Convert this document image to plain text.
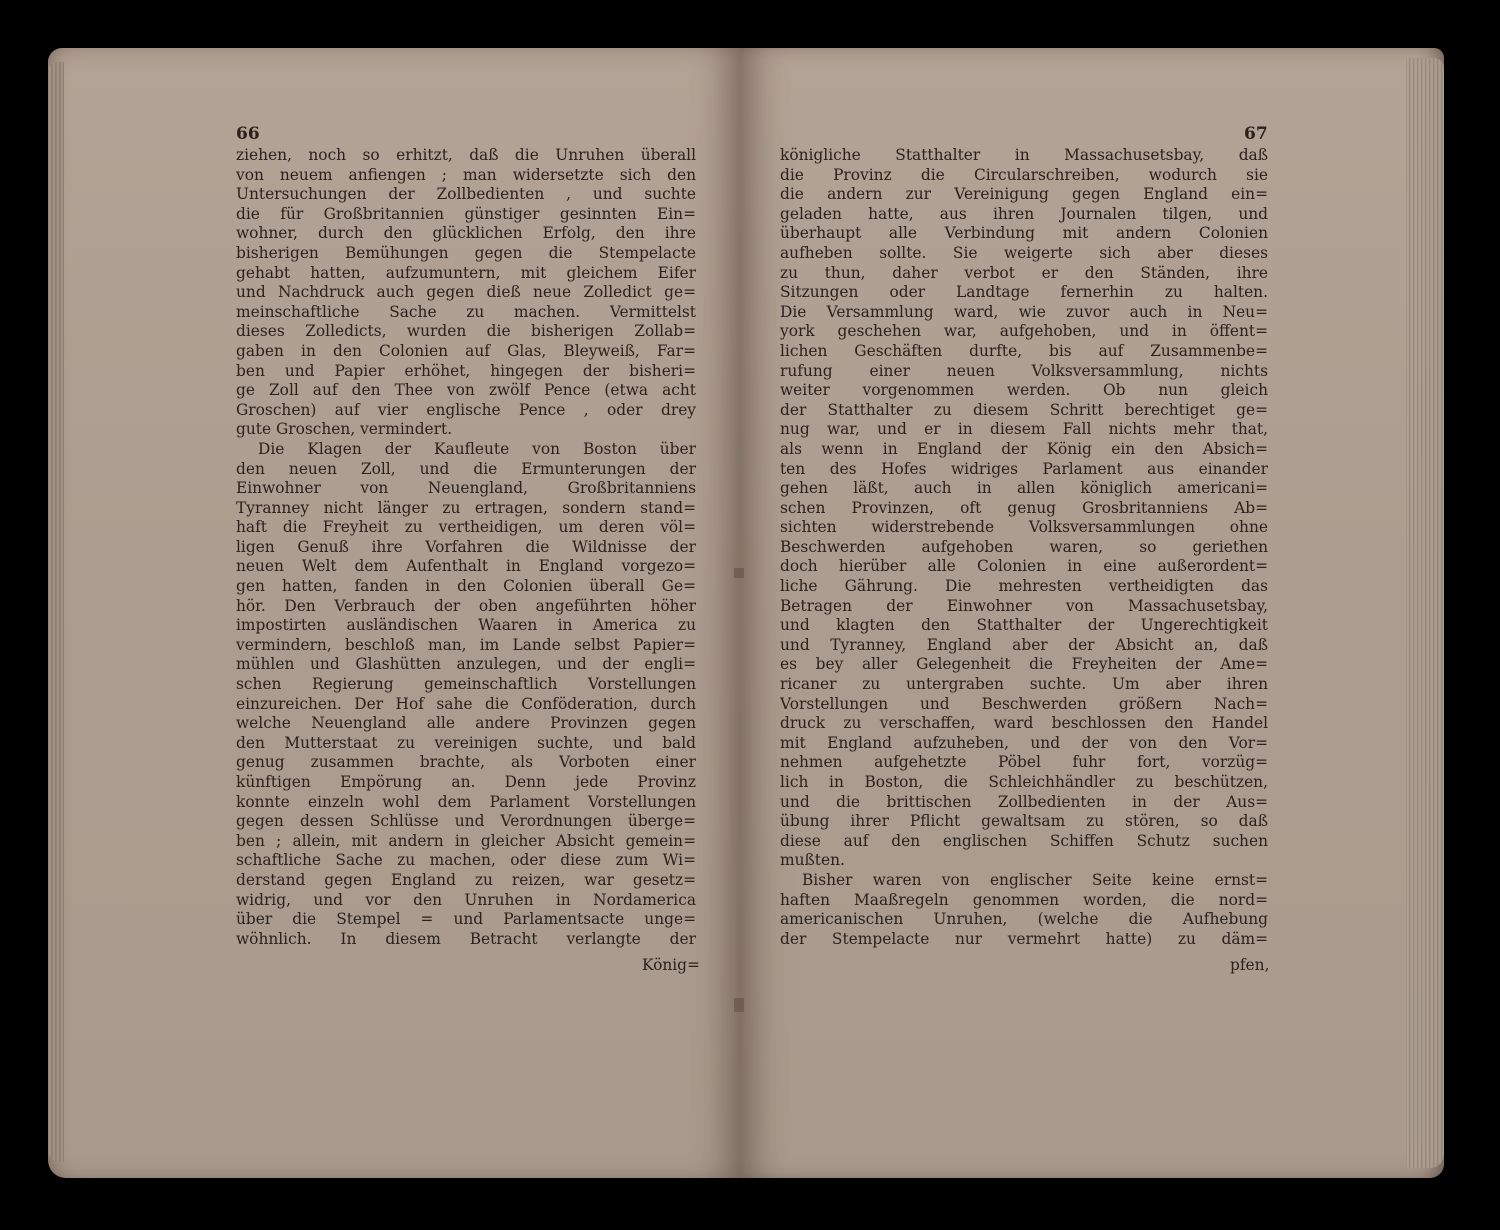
66
ziehen, noch so erhitzt, daß die Unruhen überall
von neuem anfiengen ; man widersetzte sich den
Untersuchungen der Zollbedienten , und suchte
die für Großbritannien günstiger gesinnten Ein=
wohner, durch den glücklichen Erfolg, den ihre
bisherigen Bemühungen gegen die Stempelacte
gehabt hatten, aufzumuntern, mit gleichem Eifer
und Nachdruck auch gegen dieß neue Zolledict ge=
meinschaftliche Sache zu machen. Vermittelst
dieses Zolledicts, wurden die bisherigen Zollab=
gaben in den Colonien auf Glas, Bleyweiß, Far=
ben und Papier erhöhet, hingegen der bisheri=
ge Zoll auf den Thee von zwölf Pence (etwa acht
Groschen) auf vier englische Pence , oder drey
gute Groschen, vermindert.
Die Klagen der Kaufleute von Boston über
den neuen Zoll, und die Ermunterungen der
Einwohner von Neuengland, Großbritanniens
Tyranney nicht länger zu ertragen, sondern stand=
haft die Freyheit zu vertheidigen, um deren völ=
ligen Genuß ihre Vorfahren die Wildnisse der
neuen Welt dem Aufenthalt in England vorgezo=
gen hatten, fanden in den Colonien überall Ge=
hör. Den Verbrauch der oben angeführten höher
impostirten ausländischen Waaren in America zu
vermindern, beschloß man, im Lande selbst Papier=
mühlen und Glashütten anzulegen, und der engli=
schen Regierung gemeinschaftlich Vorstellungen
einzureichen. Der Hof sahe die Conföderation, durch
welche Neuengland alle andere Provinzen gegen
den Mutterstaat zu vereinigen suchte, und bald
genug zusammen brachte, als Vorboten einer
künftigen Empörung an. Denn jede Provinz
konnte einzeln wohl dem Parlament Vorstellungen
gegen dessen Schlüsse und Verordnungen überge=
ben ; allein, mit andern in gleicher Absicht gemein=
schaftliche Sache zu machen, oder diese zum Wi=
derstand gegen England zu reizen, war gesetz=
widrig, und vor den Unruhen in Nordamerica
über die Stempel = und Parlamentsacte unge=
wöhnlich. In diesem Betracht verlangte der
König=
67
königliche Statthalter in Massachusetsbay, daß
die Provinz die Circularschreiben, wodurch sie
die andern zur Vereinigung gegen England ein=
geladen hatte, aus ihren Journalen tilgen, und
überhaupt alle Verbindung mit andern Colonien
aufheben sollte. Sie weigerte sich aber dieses
zu thun, daher verbot er den Ständen, ihre
Sitzungen oder Landtage fernerhin zu halten.
Die Versammlung ward, wie zuvor auch in Neu=
york geschehen war, aufgehoben, und in öffent=
lichen Geschäften durfte, bis auf Zusammenbe=
rufung einer neuen Volksversammlung, nichts
weiter vorgenommen werden. Ob nun gleich
der Statthalter zu diesem Schritt berechtiget ge=
nug war, und er in diesem Fall nichts mehr that,
als wenn in England der König ein den Absich=
ten des Hofes widriges Parlament aus einander
gehen läßt, auch in allen königlich americani=
schen Provinzen, oft genug Grosbritanniens Ab=
sichten widerstrebende Volksversammlungen ohne
Beschwerden aufgehoben waren, so geriethen
doch hierüber alle Colonien in eine außerordent=
liche Gährung. Die mehresten vertheidigten das
Betragen der Einwohner von Massachusetsbay,
und klagten den Statthalter der Ungerechtigkeit
und Tyranney, England aber der Absicht an, daß
es bey aller Gelegenheit die Freyheiten der Ame=
ricaner zu untergraben suchte. Um aber ihren
Vorstellungen und Beschwerden größern Nach=
druck zu verschaffen, ward beschlossen den Handel
mit England aufzuheben, und der von den Vor=
nehmen aufgehetzte Pöbel fuhr fort, vorzüg=
lich in Boston, die Schleichhändler zu beschützen,
und die brittischen Zollbedienten in der Aus=
übung ihrer Pflicht gewaltsam zu stören, so daß
diese auf den englischen Schiffen Schutz suchen
mußten.
Bisher waren von englischer Seite keine ernst=
haften Maaßregeln genommen worden, die nord=
americanischen Unruhen, (welche die Aufhebung
der Stempelacte nur vermehrt hatte) zu däm=
pfen,
